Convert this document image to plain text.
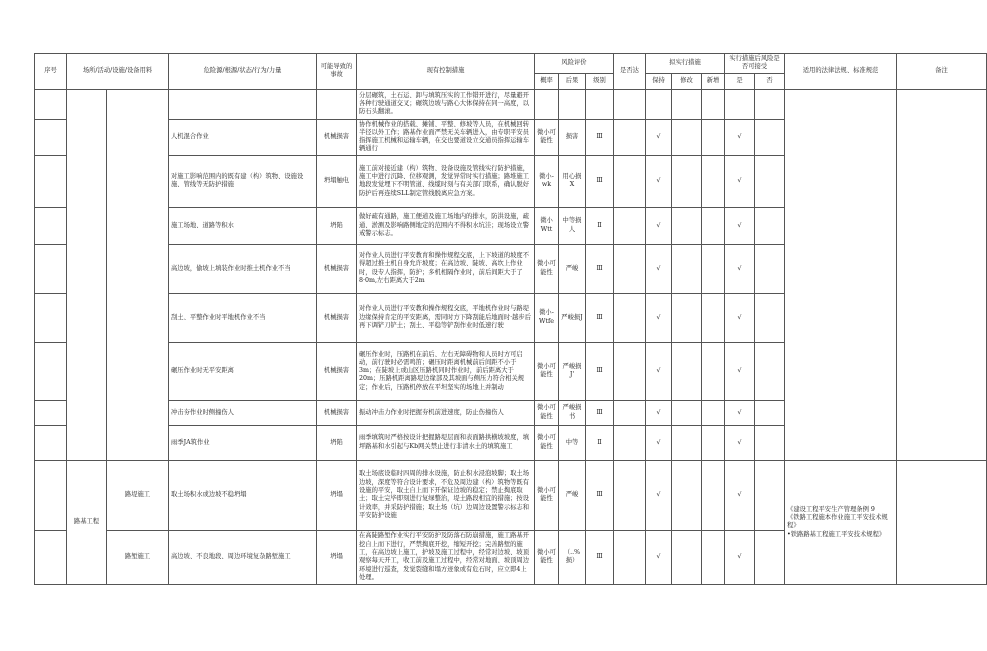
序号	场所/活动/设施/设备用料		危险源/根源/状态/行为/力量	可能导致的事故	现有控制措施	风险评价			是否达	拟实行措施			实行措施后风险是否可接受		适用的法律法规、标准规范	备注
						概率	后果	级别		保持	修改	新增	是	否		
					分层碾筑，土石运、卸与填筑压实的工作错开进行，尽量避开各种行驶通道交叉；碾筑边坡与路心大体保持在同一高度，以防石头翻滚。											
			人机混合作业	机械损害	协作机械作业的搭载、摊铺、平整、修坡等人员，在机械回转半径以外工作；路基作业面严禁无关车辆进入，由专职平安员指挥施工机械和运输车辆，在交也要道设立交通员指挥运输车辆通行	微小可能性	损害	Ⅲ		√			√			
			对施工影响范围内的既有建（构）筑物、设施设施、管线等无防护措施	坍塌触电	施工前对接近建（构）筑物、设备设施及管线实行防护措施，施工中进行沉降、位移观测，发觉异常时实行措施；路堆施工地段发觉埋下不明管道、线缆时刻与有关部门联系，确认脱好防护后再连续SLL制定管线脱离应急方案。	微小-wk	用心损X	Ⅲ		√			√			
			施工场地、道路等积水	坍陷	做好疏有通路，施工便道及施工场地内的排水，防洪设施，疏通、淤测及影响路侧地定的范围内不得积水坑洼；现场设立警戒警示标志。	微小Wtt	中等损人	Ⅱ		√			√			
			高边坡，偷坡上填装作业时推土机作业不当	机械损害	对作业人员进行平安教育和操作规程交底，上下坡道的坡度不得超过推土机自身允许坡度；在高边坡、陡坡、高坎上作业时，设专人指挥，防护；多机相隔作业时，前后间距大于了8·0m,左右距离大于2m	微小可能性	严峻	Ⅲ		√			√			
			刮土、平整作业时平地机作业不当	机械损害	对作业人员进行平安教和操作规程交底，平地机作业时与路堤边缘保持肯定的平安距离，需同时方下降刮能后地面时·越步后再下调铲刀铲土；刮土、平稳等铲刮作业时低速行驶	微小-Wtfe	严峻损J	Ⅲ		√			√			
			碾压作业时无平安距离	机械损害	碾压作业时，压路机在前后、左右无障碍物和人员时方可启动，前行驶时必需鸣笛；碾压时距离机械前后间距不小于3m；在陡坡上或山区压路机同时作业时，前后距离大于20m；压路机距离路堤边缘部及其坡面与侧压力符合相关规定；作业后，压路机停放在平坦坚实的场地上并制动	微小可能性	严峻损J'	Ⅲ		√			√			
			冲击夯作业时侧撞伤人	机械损害	振动冲击力作业时把握夯机前进速度，防止伤撞伤人	微小可能性	严峻损书	Ⅲ		√			√			
			雨季JA筑作业	坍陷	雨季填筑时严格按设计把握路堤层面和表面路拱横坡坡度，填坪路基和水引起与Kb网关禁止进行非清水土的填筑施工	微小可能性	中等	Ⅱ		√			√			
	路基工程	路堤施工	取土场积水或边坡不稳坍塌	坍塌	取土场底设临时四周的排水设施，防止积水浸泡坡脚；取土场边坡，深度等符合设计要求，不危及周边建（构）筑物等既有设施的平安，取土自上而下开保证边坡的稳定；禁止掏底取土；取土完毕即刻进行复绿整治，堤土路段相宜的措施；按设计效率，并采防护措施；取土场（坑）边周边设置警示标志和平安防护设施	微小可能性	严峻	Ⅲ		√			√		《建设工程平安生产管理条例 9
《铁路工程施本作业施工平安技术规程》
•铁路路基工程施工平安技术规程》	

		路堑施工	高边坡、不良地段、周边环境复杂路堑施工	坍塌	在高陡路堑作业实行平安防护及防落石防崩措施，施工路基开挖自上而下进行，严禁掏底开挖，缩短开挖；完善路堑的施工，在高边坡上施工，护坡及施工过程中，经常对边坡、坡顶观察每天开工，收工前及施工过程中，经常对地面、坡顶周边环境进行巡查，发觉裂缝和塌方迹象或有危石时，应立即4上处理。	微小可能性	（..%损）	Ⅲ		√			√			
